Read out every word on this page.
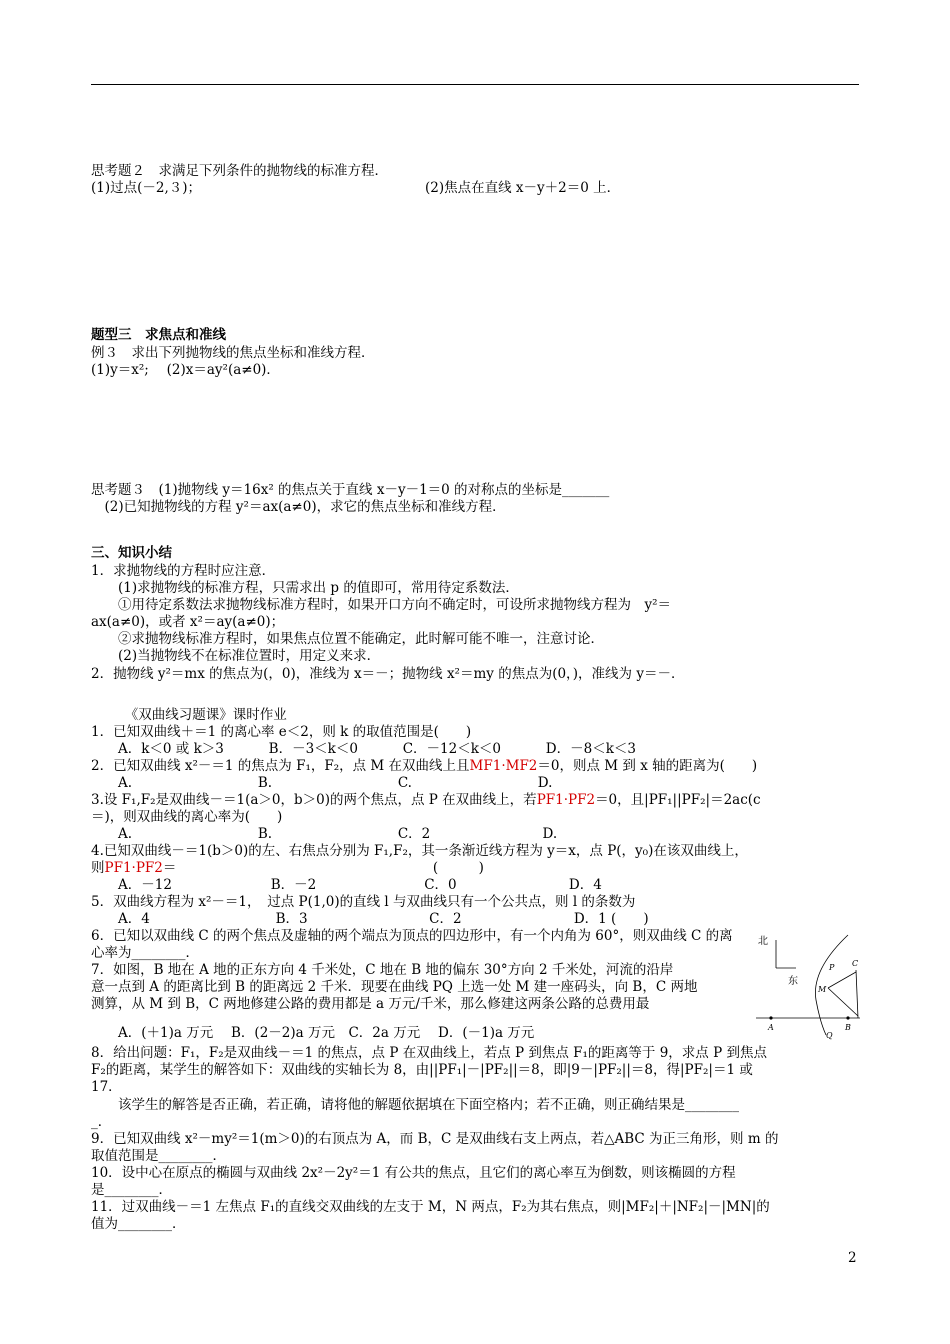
思考题２　求满足下列条件的抛物线的标准方程．
(1)过点(－2,３)；	(2)焦点在直线 x－y＋2＝0 上．
题型三　求焦点和准线
例３　求出下列抛物线的焦点坐标和准线方程．
(1)y＝x²;　 (2)x＝ay²(a≠0)．
思考题３　(1)抛物线 y＝16x² 的焦点关于直线 x－y－1＝0 的对称点的坐标是_______
　(2)已知抛物线的方程 y²＝ax(a≠0)，求它的焦点坐标和准线方程．
三、知识小结
1．求抛物线的方程时应注意．
　　(1)求抛物线的标准方程，只需求出 p 的值即可，常用待定系数法．
　　①用待定系数法求抛物线标准方程时，如果开口方向不确定时，可设所求抛物线方程为　y²＝
ax(a≠0)，或者 x²＝ay(a≠0)；
　　②求抛物线标准方程时，如果焦点位置不能确定，此时解可能不唯一，注意讨论．
　　(2)当抛物线不在标准位置时，用定义来求．
2．抛物线 y²＝mx 的焦点为(，0)，准线为 x＝－；抛物线 x²＝my 的焦点为(0，)，准线为 y＝－．
　　　《双曲线习题课》课时作业
1．已知双曲线＋＝1 的离心率 e＜2，则 k 的取值范围是(　　)
　　A．k＜0 或 k＞3　　　 B．－3＜k＜0　　　 C．－12＜k＜0　　　 D．－8＜k＜3
2．已知双曲线 x²－＝1 的焦点为 F₁，F₂，点 M 在双曲线上且MF1·MF2＝0，则点 M 到 x 轴的距离为(　　)
　　A.　　　　　　　　　 B.　　　　　　　　　 C.　　　　　　　　　 D.
3.设 F₁,F₂是双曲线－＝1(a＞0，b＞0)的两个焦点，点 P 在双曲线上，若PF1·PF2＝0，且|PF₁||PF₂|＝2ac(c
＝)，则双曲线的离心率为(　　)
　　A.　　　　　　　　　 B.　　　　　　　　　 C．2　　　　　　　　 D.
4.已知双曲线－＝1(b＞0)的左、右焦点分别为 F₁,F₂，其一条渐近线方程为 y＝x，点 P(，y₀)在该双曲线上，
则PF1·PF2＝　　　　　　　　　　　　　　　　　　　(　　　)
　　A．－12　　　　　　　 B．－2　　　　　　　　C．0　　　　　　　　 D．4
5．双曲线方程为 x²－＝1，　过点 P(1,0)的直线 l 与双曲线只有一个公共点，则 l 的条数为
　　A．4　　　　　　　　　 B．3　　　　　　　　　C．2　　　　　　　　 D．1 (　　)
6．已知以双曲线 C 的两个焦点及虚轴的两个端点为顶点的四边形中，有一个内角为 60°，则双曲线 C 的离
心率为________．
7．如图，B 地在 A 地的正东方向 4 千米处，C 地在 B 地的偏东 30°方向 2 千米处，河流的沿岸
意一点到 A 的距离比到 B 的距离远 2 千米．现要在曲线 PQ 上选一处 M 建一座码头，向 B，C 两地
测算，从 M 到 B，C 两地修建公路的费用都是 a 万元/千米，那么修建这两条公路的总费用最
　　A．(＋1)a 万元　 B．(2－2)a 万元　C．2a 万元　 D．(－1)a 万元
8．给出问题：F₁，F₂是双曲线－＝1 的焦点，点 P 在双曲线上，若点 P 到焦点 F₁的距离等于 9，求点 P 到焦点
F₂的距离，某学生的解答如下：双曲线的实轴长为 8，由||PF₁|－|PF₂||＝8，即|9－|PF₂||＝8，得|PF₂|＝1 或
17．
　　该学生的解答是否正确，若正确，请将他的解题依据填在下面空格内；若不正确，则正确结果是________
_．
9．已知双曲线 x²－my²＝1(m＞0)的右顶点为 A，而 B，C 是双曲线右支上两点，若△ABC 为正三角形，则 m 的
取值范围是________．
10．设中心在原点的椭圆与双曲线 2x²－2y²＝1 有公共的焦点，且它们的离心率互为倒数，则该椭圆的方程
是________．
11．过双曲线－＝1 左焦点 F₁的直线交双曲线的左支于 M，N 两点，F₂为其右焦点，则|MF₂|＋|NF₂|－|MN|的
值为________．
北
东
P C
M
A	B
Q
2
